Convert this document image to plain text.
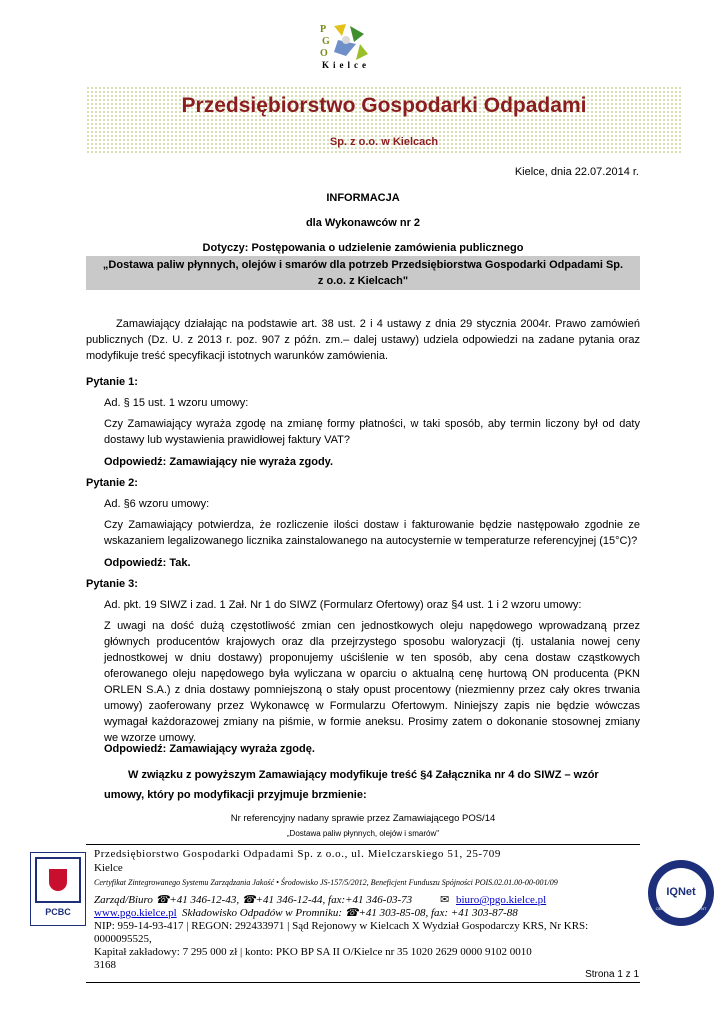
P
G
O
Kielce
Przedsiębiorstwo Gospodarki Odpadami
Sp. z o.o. w Kielcach
Kielce, dnia 22.07.2014 r.
INFORMACJA
dla Wykonawców nr 2
Dotyczy: Postępowania o udzielenie zamówienia publicznego
„Dostawa paliw płynnych, olejów i smarów dla potrzeb Przedsiębiorstwa Gospodarki Odpadami Sp.
z o.o. z Kielcach"
Zamawiający działając na podstawie art. 38 ust. 2 i 4 ustawy z dnia 29 stycznia 2004r. Prawo zamówień publicznych (Dz. U. z 2013 r. poz. 907 z późn. zm.– dalej ustawy) udziela odpowiedzi na zadane pytania oraz modyfikuje treść specyfikacji istotnych warunków zamówienia.
Pytanie 1:
Ad. § 15 ust. 1 wzoru umowy:
Czy Zamawiający wyraża zgodę na zmianę formy płatności, w taki sposób, aby termin liczony był od daty dostawy lub wystawienia prawidłowej faktury VAT?
Odpowiedź: Zamawiający nie wyraża zgody.
Pytanie 2:
Ad. §6 wzoru umowy:
Czy Zamawiający potwierdza, że rozliczenie ilości dostaw i fakturowanie będzie następowało zgodnie ze wskazaniem legalizowanego licznika zainstalowanego na autocysternie w temperaturze referencyjnej (15°C)?
Odpowiedź: Tak.
Pytanie 3:
Ad. pkt. 19 SIWZ i zad. 1 Zał. Nr 1 do SIWZ (Formularz Ofertowy) oraz §4 ust. 1 i 2 wzoru umowy:
Z uwagi na dość dużą częstotliwość zmian cen jednostkowych oleju napędowego wprowadzaną przez głównych producentów krajowych oraz dla przejrzystego sposobu waloryzacji (tj. ustalania nowej ceny jednostkowej w dniu dostawy) proponujemy uściślenie w ten sposób, aby cena dostaw cząstkowych oferowanego oleju napędowego była wyliczana w oparciu o aktualną cenę hurtową ON producenta (PKN ORLEN S.A.) z dnia dostawy pomniejszoną o stały opust procentowy (niezmienny przez cały okres trwania umowy) zaoferowany przez Wykonawcę w Formularzu Ofertowym. Niniejszy zapis nie będzie wówczas wymagał każdorazowej zmiany na piśmie, w formie aneksu. Prosimy zatem o dokonanie stosownej zmiany we wzorze umowy.
Odpowiedź: Zamawiający wyraża zgodę.
W związku z powyższym Zamawiający modyfikuje treść §4 Załącznika nr 4 do SIWZ – wzór
umowy, który po modyfikacji przyjmuje brzmienie:
Nr referencyjny nadany sprawie przez Zamawiającego POS/14
„Dostawa paliw płynnych, olejów i smarów"
PCBC
IQNet
CERTIFIED MANAGEMENT SYSTEM
Przedsiębiorstwo Gospodarki Odpadami Sp. z o.o., ul. Mielczarskiego 51, 25-709
Kielce
Certyfikat Zintegrowanego Systemu Zarządzania Jakość • Środowisko JS-157/5/2012, Beneficjent Funduszu Spójności POIS.02.01.00-00-001/09
Zarząd/Biuro ☎+41 346-12-43, ☎+41 346-12-44, fax:+41 346-03-73	✉ biuro@pgo.kielce.pl
www.pgo.kielce.pl Składowisko Odpadów w Promniku: ☎+41 303-85-08, fax: +41 303-87-88
NIP: 959-14-93-417 | REGON: 292433971 | Sąd Rejonowy w Kielcach X Wydział Gospodarczy KRS, Nr KRS:
0000095525,
Kapitał zakładowy: 7 295 000 zł | konto: PKO BP SA II O/Kielce nr 35 1020 2629 0000 9102 0010
3168
Strona 1 z 1
